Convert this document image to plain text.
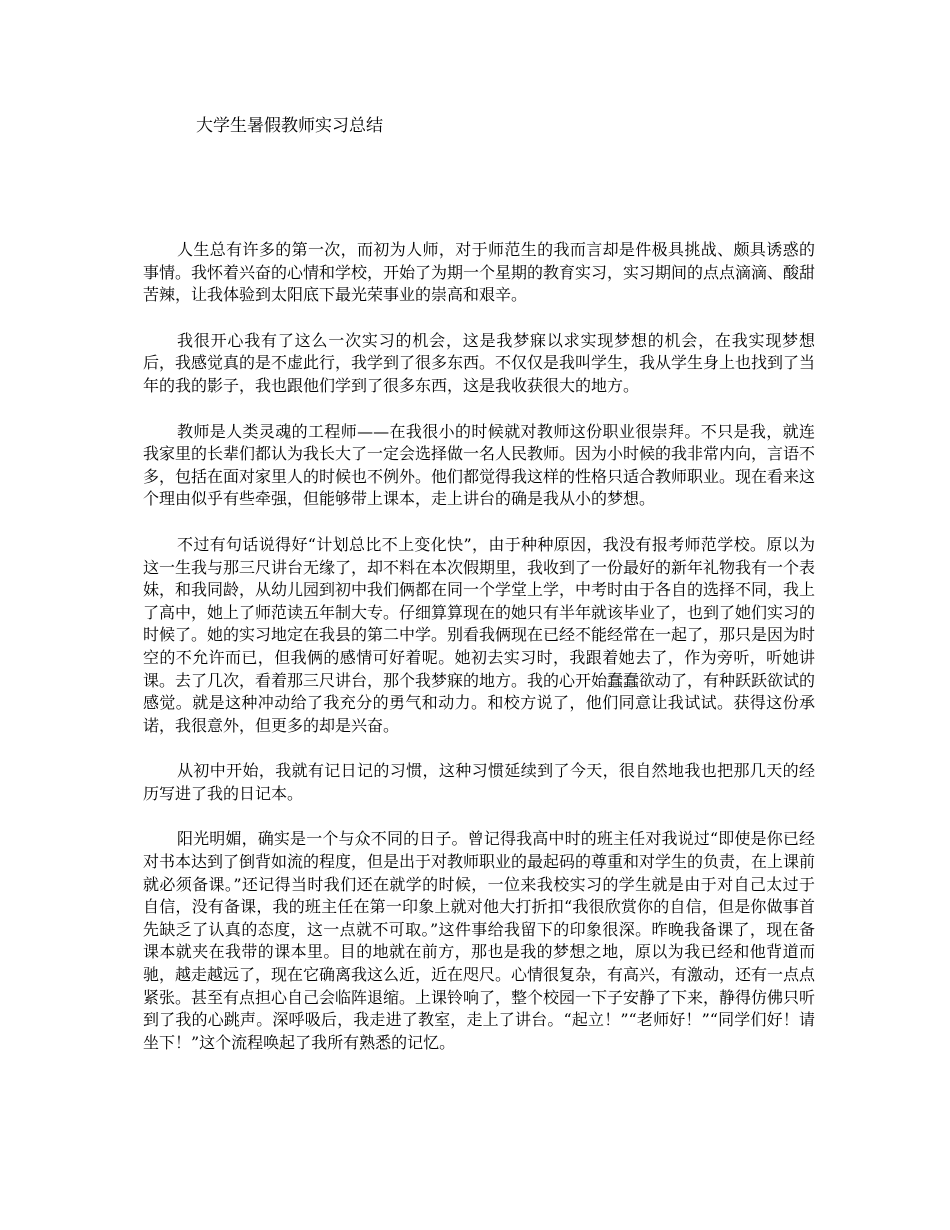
大学生暑假教师实习总结

人生总有许多的第一次，而初为人师，对于师范生的我而言却是件极具挑战、颇具诱惑的事情。我怀着兴奋的心情和学校，开始了为期一个星期的教育实习，实习期间的点点滴滴、酸甜苦辣，让我体验到太阳底下最光荣事业的崇高和艰辛。

我很开心我有了这么一次实习的机会，这是我梦寐以求实现梦想的机会，在我实现梦想后，我感觉真的是不虚此行，我学到了很多东西。不仅仅是我叫学生，我从学生身上也找到了当年的我的影子，我也跟他们学到了很多东西，这是我收获很大的地方。

教师是人类灵魂的工程师——在我很小的时候就对教师这份职业很崇拜。不只是我，就连我家里的长辈们都认为我长大了一定会选择做一名人民教师。因为小时候的我非常内向，言语不多，包括在面对家里人的时候也不例外。他们都觉得我这样的性格只适合教师职业。现在看来这个理由似乎有些牵强，但能够带上课本，走上讲台的确是我从小的梦想。

不过有句话说得好“计划总比不上变化快”，由于种种原因，我没有报考师范学校。原以为这一生我与那三尺讲台无缘了，却不料在本次假期里，我收到了一份最好的新年礼物我有一个表妹，和我同龄，从幼儿园到初中我们俩都在同一个学堂上学，中考时由于各自的选择不同，我上了高中，她上了师范读五年制大专。仔细算算现在的她只有半年就该毕业了，也到了她们实习的时候了。她的实习地定在我县的第二中学。别看我俩现在已经不能经常在一起了，那只是因为时空的不允许而已，但我俩的感情可好着呢。她初去实习时，我跟着她去了，作为旁听，听她讲课。去了几次，看着那三尺讲台，那个我梦寐的地方。我的心开始蠢蠢欲动了，有种跃跃欲试的感觉。就是这种冲动给了我充分的勇气和动力。和校方说了，他们同意让我试试。获得这份承诺，我很意外，但更多的却是兴奋。

从初中开始，我就有记日记的习惯，这种习惯延续到了今天，很自然地我也把那几天的经历写进了我的日记本。

阳光明媚，确实是一个与众不同的日子。曾记得我高中时的班主任对我说过“即使是你已经对书本达到了倒背如流的程度，但是出于对教师职业的最起码的尊重和对学生的负责，在上课前就必须备课。”还记得当时我们还在就学的时候，一位来我校实习的学生就是由于对自己太过于自信，没有备课，我的班主任在第一印象上就对他大打折扣“我很欣赏你的自信，但是你做事首先缺乏了认真的态度，这一点就不可取。”这件事给我留下的印象很深。昨晚我备课了，现在备课本就夹在我带的课本里。目的地就在前方，那也是我的梦想之地，原以为我已经和他背道而驰，越走越远了，现在它确离我这么近，近在咫尺。心情很复杂，有高兴，有激动，还有一点点紧张。甚至有点担心自己会临阵退缩。上课铃响了，整个校园一下子安静了下来，静得仿佛只听到了我的心跳声。深呼吸后，我走进了教室，走上了讲台。“起立！”“老师好！”“同学们好！请坐下！”这个流程唤起了我所有熟悉的记忆。
